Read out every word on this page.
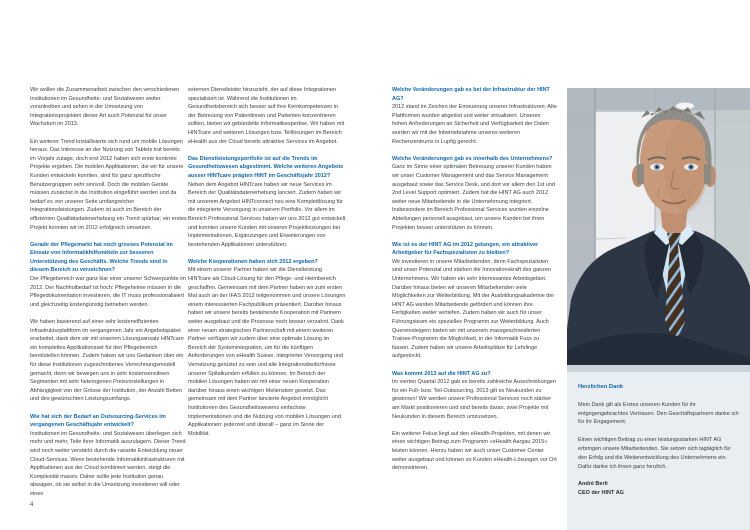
Wir wollen die Zusammenarbeit zwischen den verschiedenen Institutionen im Gesundheits- und Sozialwesen weiter vorantreiben und sehen in der Umsetzung von Integrationsprojekten dieser Art auch Potenzial für unser Wachstum im 2013.

Ein weiterer Trend kristallisierte sich rund um mobile Lösungen heraus. Das Interesse an der Nutzung von Tablets trat bereits im Vorjahr zutage, doch erst 2012 haben sich erste konkrete Projekte ergeben. Die mobilen Applikationen, die wir für unsere Kunden entwickeln konnten, sind für ganz spezifische Benutzergruppen sehr sinnvoll. Doch die mobilen Geräte müssen zunächst in die Institution eingeführt werden und da bedarf es von unserer Seite umfangreicher Integrationsleistungen. Zudem ist auch im Bereich der effizienten Qualitätsdatenerhebung ein Trend spürbar; ein erstes Projekt konnten wir im 2012 erfolgreich umsetzen.

Gerade der Pflegemarkt hat noch grosses Potenzial im Einsatz von Informatikhilfsmitteln zur besseren Unterstützung des Geschäfts. Welche Trends sind in diesem Bereich zu verzeichnen?

Der Pflegebereich war ganz klar einer unserer Schwerpunkte im 2012. Der Nachholbedarf ist hoch: Pflegeheime müssen in die Pflegedokumentation investieren, die IT muss professionalisiert und gleichzeitig kostengünstig betrieben werden.

Wir haben basierend auf einer sehr kosteneffizienten Infrastrukturplattform im vergangenen Jahr ein Angebotspaket erarbeitet, dank dem wir mit unserem Lösungsansatz HINTcare ein komplettes Applikationsset für den Pflegebereich bereitstellen können. Zudem haben wir uns Gedanken über ein für diese Institutionen zugeschnittenes Verrechnungsmodell gemacht, denn wir bewegen uns in sehr kostensensitiven Segmenten mit sehr heterogenen Preisvorstellungen in Abhängigkeit von der Grösse der Institution, der Anzahl Betten und des gewünschten Leistungsumfangs.

Wie hat sich der Bedarf an Outsourcing-Services im vergangenen Geschäftsjahr entwickelt?

Institutionen im Gesundheits- und Sozialwesen überlegen sich mehr und mehr, Teile ihrer Informatik auszulagern. Dieser Trend wird noch weiter verstärkt durch die rasante Entwicklung neuer Cloud-Services. Wenn bestehende Informatikinfrastrukturen mit Applikationen aus der Cloud kombiniert werden, steigt die Komplexität massiv. Daher sollte jede Institution genau abwägen, ob sie selbst in die Umsetzung investieren will oder einen

externen Dienstleister hinzuzieht, der auf diese Integrationen spezialisiert ist. Während die Institutionen im Gesundheitsbereich sich besser auf ihre Kernkompetenzen in der Betreuung von Patientinnen und Patienten konzentrieren sollten, bieten wir gebündelte Informatikexpertise. Wir haben mit HINTcare und weiteren Lösungen bzw. Teillösungen im Bereich eHealth aus der Cloud bereits attraktive Services im Angebot.

Das Dienstleistungsportfolio ist auf die Trends im Gesundheitswesen abgestimmt. Welche weiteren Angebote ausser HINTcare prägten HINT im Geschäftsjahr 2012?

Neben dem Angebot HINTcare haben wir neue Services im Bereich der Qualitätsdatenerhebung lanciert. Zudem haben wir mit unserem Angebot HINTconnect neu eine Komplettlösung für die integrierte Versorgung in unserem Portfolio. Vor allem im Bereich Professional Services haben wir uns 2012 gut entwickelt und konnten unsere Kunden mit unseren Projektleistungen bei Implementationen, Ergänzungen und Erweiterungen von bestehenden Applikationen unterstützen.

Welche Kooperationen haben sich 2012 ergeben?

Mit einem unserer Partner haben wir die Dienstleistung HINTcare als Cloud-Lösung für den Pflege- und Heimbereich geschaffen. Gemeinsam mit dem Partner haben wir zum ersten Mal auch an der IFAS 2012 teilgenommen und unsere Lösungen einem interessierten Fachpublikum präsentiert. Darüber hinaus haben wir unsere bereits bestehende Kooperation mit Partnern weiter ausgebaut und die Prozesse noch besser verzahnt. Dank einer neuen strategischen Partnerschaft mit einem weiteren Partner verfügen wir zudem über eine optimale Lösung im Bereich der Systemintegration, um für die künftigen Anforderungen von eHealth Suisse, integrierter Versorgung und Vernetzung gerüstet zu sein und alle Integrationsbedürfnisse unserer Spitalkunden erfüllen zu können. Im Bereich der mobilen Lösungen haben wir mit einer neuen Kooperation darüber hinaus einen wichtigen Meilenstein gesetzt. Das gemeinsam mit dem Partner lancierte Angebot ermöglicht Institutionen des Gesundheitswesens einfachste Implementationen und die Nutzung von mobilen Lösungen und Applikationen: jederzeit und überall – ganz im Sinne der Mobilität.

Welche Veränderungen gab es bei der Infrastruktur der HINT AG?

2012 stand im Zeichen der Erneuerung unserer Infrastrukturen: Alte Plattformen wurden abgelöst und weiter virtualisiert. Unseren hohen Anforderungen an Sicherheit und Verfügbarkeit der Daten wurden wir mit der Inbetriebnahme unseres weiteren Rechenzentrums in Lupfig gerecht.

Welche Veränderungen gab es innerhalb des Unternehmens?

Ganz im Sinne einer optimalen Betreuung unserer Kunden haben wir unser Customer Management und das Service Management ausgebaut sowie das Service Desk, und dort vor allem den 1st und 2nd Level Support optimiert. Zudem hat die HINT AG auch 2012 weiter neue Mitarbeitende in die Unternehmung integriert. Insbesondere im Bereich Professional Services wurden einzelne Abteilungen personell ausgebaut, um unsere Kunden bei ihren Projekten besser unterstützen zu können.

Wie ist es der HINT AG im 2012 gelungen, ein attraktiver Arbeitgeber für Fachspezialisten zu bleiben?

Wir investieren in unsere Mitarbeitenden, denn Fachspezialisten sind unser Potenzial und stärken die Innovationskraft des ganzen Unternehmens. Wir haben ein sehr interessantes Arbeitsgebiet. Darüber hinaus bieten wir unseren Mitarbeitenden viele Möglichkeiten zur Weiterbildung. Mit der Ausbildungsakademie der HINT AG werden Mitarbeitende gefördert und können ihre Fertigkeiten weiter vertiefen. Zudem haben wir auch für unser Führungsteam ein spezielles Programm zur Weiterbildung. Auch Quereinsteigern bieten wir mit unserem massgeschneiderten Trainee-Programm die Möglichkeit, in der Informatik Fuss zu fassen. Zudem haben wir unsere Arbeitsplätze für Lehrlinge aufgestockt.

Was kommt 2013 auf die HINT AG zu?

Im vierten Quartal 2012 gab es bereits zahlreiche Ausschreibungen für ein Full- bzw. Teil-Outsourcing. 2013 gilt es Neukunden zu gewinnen! Wir werden unsere Professional Services noch stärker am Markt positionieren und sind bereits daran, zwei Projekte mit Neukunden in diesem Bereich umzusetzen.

Ein weiterer Fokus liegt auf den eHealth-Projekten, mit denen wir einen wichtigen Beitrag zum Programm «eHealth Aargau 2015» leisten können. Hierzu haben wir auch unser Customer Center weiter ausgebaut und können so Kunden eHealth-Lösungen vor Ort demonstrieren.

Herzlichen Dank

Mein Dank gilt als Erstes unseren Kunden für ihr entgegengebrachtes Vertrauen. Den Geschäftspartnern danke ich für ihr Engagement.

Einen wichtigen Beitrag zu einer leistungsstarken HINT AG erbringen unsere Mitarbeitenden. Sie setzen sich tagtäglich für den Erfolg und die Weiterentwicklung des Unternehmens ein. Dafür danke ich ihnen ganz herzlich.

André Berli

CEO der HINT AG

4
